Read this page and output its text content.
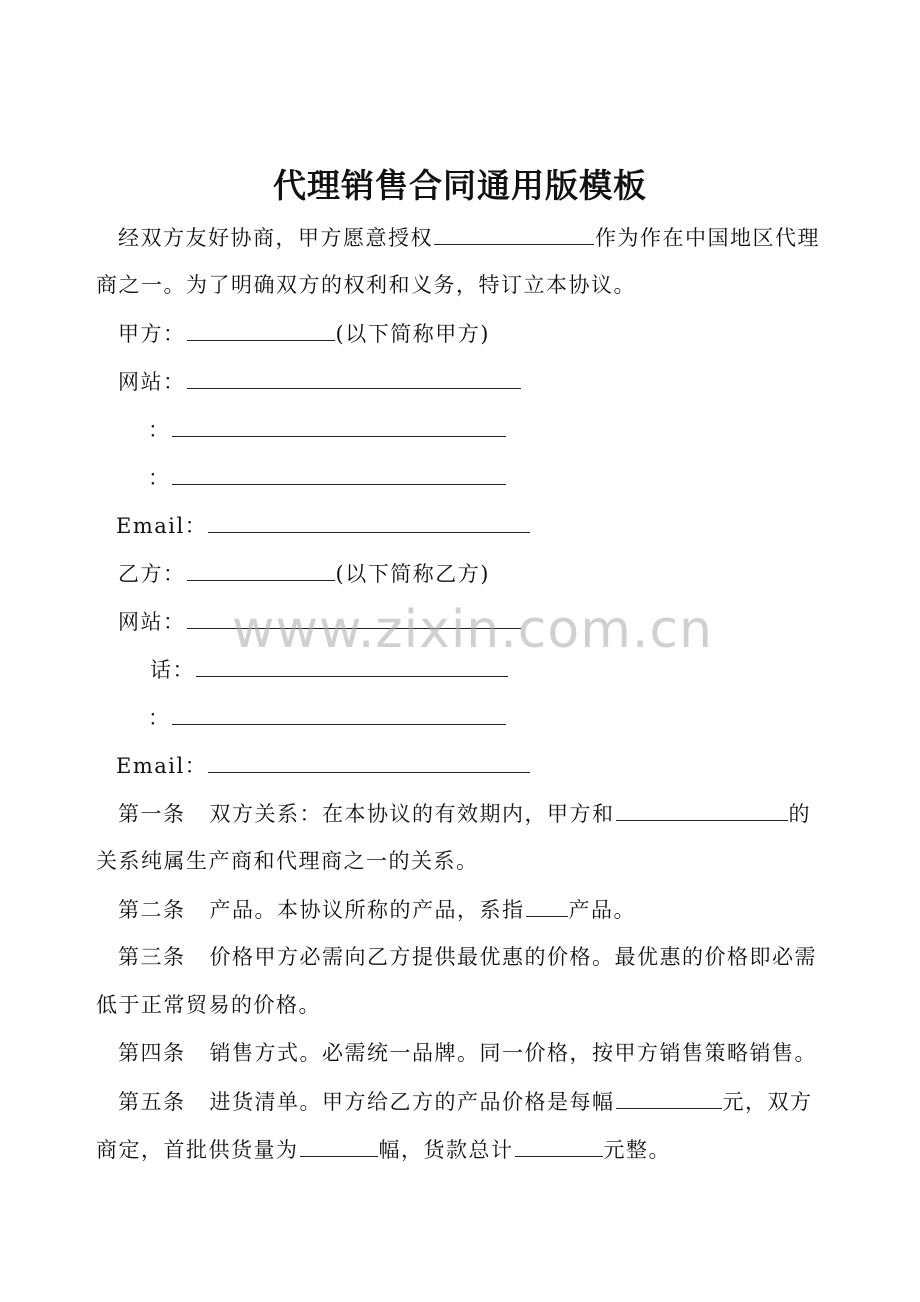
代理销售合同通用版模板
经双方友好协商，甲方愿意授权	作为作在中国地区代理
商之一。为了明确双方的权利和义务，特订立本协议。
甲方：	(以下简称甲方)
网站：
：
：
Email：
乙方：	(以下简称乙方)
网站：
话：
：
Email：
第一条 双方关系：在本协议的有效期内，甲方和	的
关系纯属生产商和代理商之一的关系。
第二条 产品。本协议所称的产品，系指 产品。
第三条 价格甲方必需向乙方提供最优惠的价格。最优惠的价格即必需
低于正常贸易的价格。
第四条 销售方式。必需统一品牌。同一价格，按甲方销售策略销售。
第五条 进货清单。甲方给乙方的产品价格是每幅	元，双方
商定，首批供货量为	幅，货款总计	元整。
www.zixin.com.cn
